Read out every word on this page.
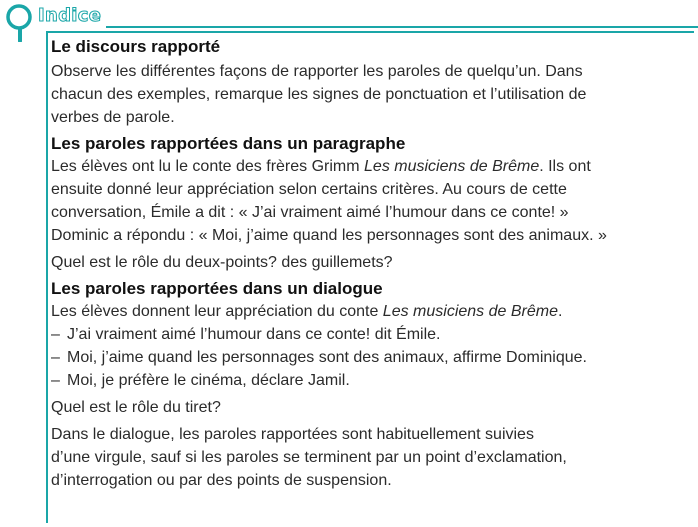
Indice

Le discours rapporté

Observe les différentes façons de rapporter les paroles de quelqu’un. Dans

chacun des exemples, remarque les signes de ponctuation et l’utilisation de

verbes de parole.

Les paroles rapportées dans un paragraphe

Les élèves ont lu le conte des frères Grimm Les musiciens de Brême. Ils ont

ensuite donné leur appréciation selon certains critères. Au cours de cette

conversation, Émile a dit : « J’ai vraiment aimé l’humour dans ce conte! »

Dominic a répondu : « Moi, j’aime quand les personnages sont des animaux. »

Quel est le rôle du deux-points? des guillemets?

Les paroles rapportées dans un dialogue

Les élèves donnent leur appréciation du conte Les musiciens de Brême.

– J’ai vraiment aimé l’humour dans ce conte! dit Émile.

– Moi, j’aime quand les personnages sont des animaux, affirme Dominique.

– Moi, je préfère le cinéma, déclare Jamil.

Quel est le rôle du tiret?

Dans le dialogue, les paroles rapportées sont habituellement suivies

d’une virgule, sauf si les paroles se terminent par un point d’exclamation,

d’interrogation ou par des points de suspension.
